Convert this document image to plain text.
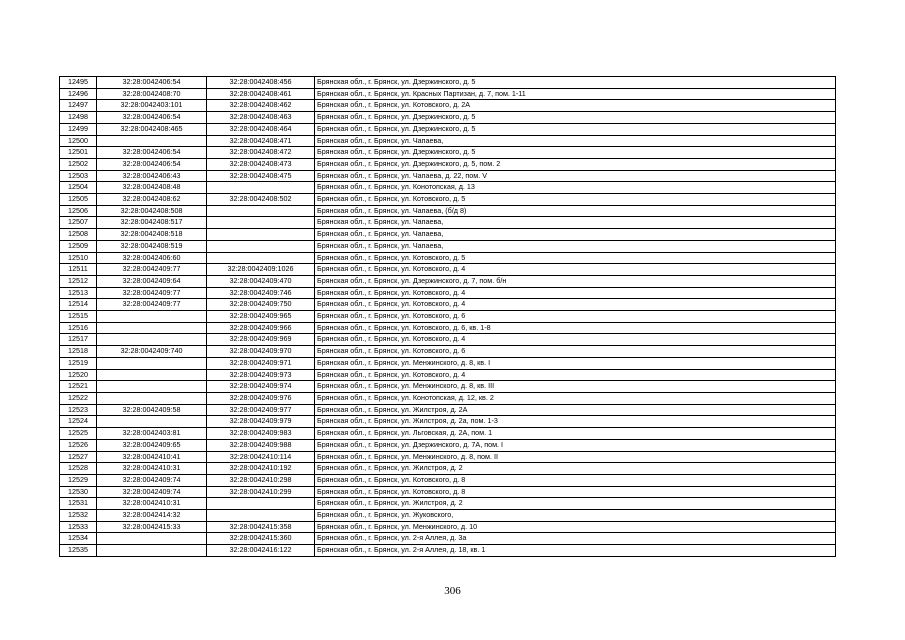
12495	32:28:0042406:54	32:28:0042408:456	Брянская обл., г. Брянск, ул. Дзержинского, д. 5
12496	32:28:0042408:70	32:28:0042408:461	Брянская обл., г. Брянск, ул. Красных Партизан, д. 7, пом. 1-11
12497	32:28:0042403:101	32:28:0042408:462	Брянская обл., г. Брянск, ул. Котовского, д. 2А
12498	32:28:0042406:54	32:28:0042408:463	Брянская обл., г. Брянск, ул. Дзержинского, д. 5
12499	32:28:0042408:465	32:28:0042408:464	Брянская обл., г. Брянск, ул. Дзержинского, д. 5
12500		32:28:0042408:471	Брянская обл., г. Брянск, ул. Чапаева,
12501	32:28:0042406:54	32:28:0042408:472	Брянская обл., г. Брянск, ул. Дзержинского, д. 5
12502	32:28:0042406:54	32:28:0042408:473	Брянская обл., г. Брянск, ул. Дзержинского, д. 5, пом. 2
12503	32:28:0042406:43	32:28:0042408:475	Брянская обл., г. Брянск, ул. Чапаева, д. 22, пом. V
12504	32:28:0042408:48		Брянская обл., г. Брянск, ул. Конотопская, д. 13
12505	32:28:0042408:62	32:28:0042408:502	Брянская обл., г. Брянск, ул. Котовского, д. 5
12506	32:28:0042408:508		Брянская обл., г. Брянск, ул. Чапаева, (б/д 8)
12507	32:28:0042408:517		Брянская обл., г. Брянск, ул. Чапаева,
12508	32:28:0042408:518		Брянская обл., г. Брянск, ул. Чапаева,
12509	32:28:0042408:519		Брянская обл., г. Брянск, ул. Чапаева,
12510	32:28:0042406:60		Брянская обл., г. Брянск, ул. Котовского, д. 5
12511	32:28:0042409:77	32:28:0042409:1026	Брянская обл., г. Брянск, ул. Котовского, д. 4
12512	32:28:0042409:64	32:28:0042409:470	Брянская обл., г. Брянск, ул. Дзержинского, д. 7, пом. б/н
12513	32:28:0042409:77	32:28:0042409:746	Брянская обл., г. Брянск, ул. Котовского, д. 4
12514	32:28:0042409:77	32:28:0042409:750	Брянская обл., г. Брянск, ул. Котовского, д. 4
12515		32:28:0042409:965	Брянская обл., г. Брянск, ул. Котовского, д. 6
12516		32:28:0042409:966	Брянская обл., г. Брянск, ул. Котовского, д. 6, кв. 1-8
12517		32:28:0042409:969	Брянская обл., г. Брянск, ул. Котовского, д. 4
12518	32:28:0042409:740	32:28:0042409:970	Брянская обл., г. Брянск, ул. Котовского, д. 6
12519		32:28:0042409:971	Брянская обл., г. Брянск, ул. Менжинского, д. 8, кв. I
12520		32:28:0042409:973	Брянская обл., г. Брянск, ул. Котовского, д. 4
12521		32:28:0042409:974	Брянская обл., г. Брянск, ул. Менжинского, д. 8, кв. III
12522		32:28:0042409:976	Брянская обл., г. Брянск, ул. Конотопская, д. 12, кв. 2
12523	32:28:0042409:58	32:28:0042409:977	Брянская обл., г. Брянск, ул. Жилстроя, д. 2А
12524		32:28:0042409:979	Брянская обл., г. Брянск, ул. Жилстроя, д. 2а, пом. 1-3
12525	32:28:0042403:81	32:28:0042409:983	Брянская обл., г. Брянск, ул. Льговская, д. 2А, пом. 1
12526	32:28:0042409:65	32:28:0042409:988	Брянская обл., г. Брянск, ул. Дзержинского, д. 7А, пом. I
12527	32:28:0042410:41	32:28:0042410:114	Брянская обл., г. Брянск, ул. Менжинского, д. 8, пом. II
12528	32:28:0042410:31	32:28:0042410:192	Брянская обл., г. Брянск, ул. Жилстроя, д. 2
12529	32:28:0042409:74	32:28:0042410:298	Брянская обл., г. Брянск, ул. Котовского, д. 8
12530	32:28:0042409:74	32:28:0042410:299	Брянская обл., г. Брянск, ул. Котовского, д. 8
12531	32:28:0042410:31		Брянская обл., г. Брянск, ул. Жилстроя, д. 2
12532	32:28:0042414:32		Брянская обл., г. Брянск, ул. Жуковского,
12533	32:28:0042415:33	32:28:0042415:358	Брянская обл., г. Брянск, ул. Менжинского, д. 10
12534		32:28:0042415:360	Брянская обл., г. Брянск, ул. 2-я Аллея, д. 3а
12535		32:28:0042416:122	Брянская обл., г. Брянск, ул. 2-я Аллея, д. 18, кв. 1
306
